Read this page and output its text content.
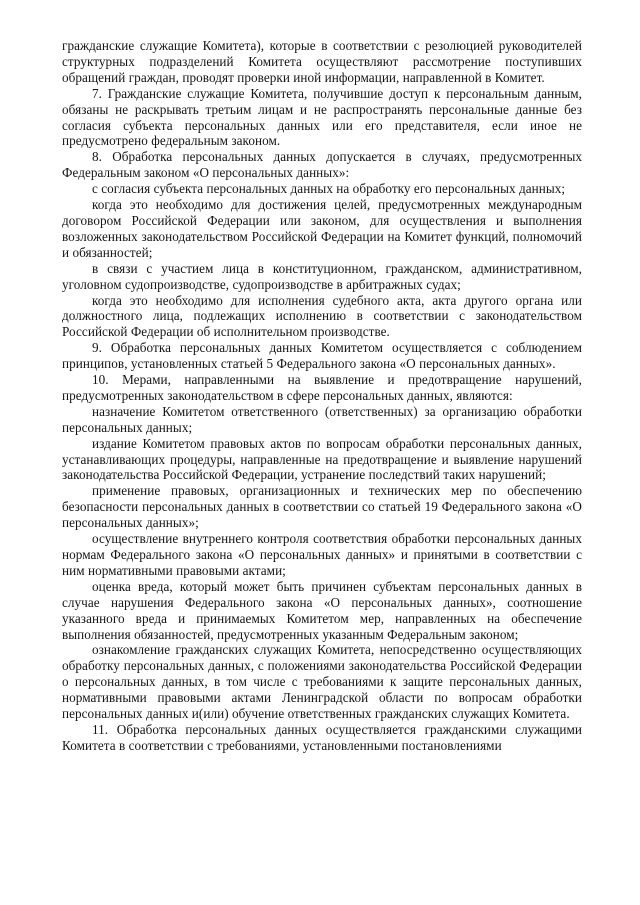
гражданские служащие Комитета), которые в соответствии с резолюцией руководителей структурных подразделений Комитета осуществляют рассмотрение поступивших обращений граждан, проводят проверки иной информации, направленной в Комитет.

7. Гражданские служащие Комитета, получившие доступ к персональным данным, обязаны не раскрывать третьим лицам и не распространять персональные данные без согласия субъекта персональных данных или его представителя, если иное не предусмотрено федеральным законом.

8. Обработка персональных данных допускается в случаях, предусмотренных Федеральным законом «О персональных данных»:

с согласия субъекта персональных данных на обработку его персональных данных;

когда это необходимо для достижения целей, предусмотренных международным договором Российской Федерации или законом, для осуществления и выполнения возложенных законодательством Российской Федерации на Комитет функций, полномочий и обязанностей;

в связи с участием лица в конституционном, гражданском, административном, уголовном судопроизводстве, судопроизводстве в арбитражных судах;

когда это необходимо для исполнения судебного акта, акта другого органа или должностного лица, подлежащих исполнению в соответствии с законодательством Российской Федерации об исполнительном производстве.

9. Обработка персональных данных Комитетом осуществляется с соблюдением принципов, установленных статьей 5 Федерального закона «О персональных данных».

10. Мерами, направленными на выявление и предотвращение нарушений, предусмотренных законодательством в сфере персональных данных, являются:

назначение Комитетом ответственного (ответственных) за организацию обработки персональных данных;

издание Комитетом правовых актов по вопросам обработки персональных данных, устанавливающих процедуры, направленные на предотвращение и выявление нарушений законодательства Российской Федерации, устранение последствий таких нарушений;

применение правовых, организационных и технических мер по обеспечению безопасности персональных данных в соответствии со статьей 19 Федерального закона «О персональных данных»;

осуществление внутреннего контроля соответствия обработки персональных данных нормам Федерального закона «О персональных данных» и принятыми в соответствии с ним нормативными правовыми актами;

оценка вреда, который может быть причинен субъектам персональных данных в случае нарушения Федерального закона «О персональных данных», соотношение указанного вреда и принимаемых Комитетом мер, направленных на обеспечение выполнения обязанностей, предусмотренных указанным Федеральным законом;

ознакомление гражданских служащих Комитета, непосредственно осуществляющих обработку персональных данных, с положениями законодательства Российской Федерации о персональных данных, в том числе с требованиями к защите персональных данных, нормативными правовыми актами Ленинградской области по вопросам обработки персональных данных и(или) обучение ответственных гражданских служащих Комитета.

11. Обработка персональных данных осуществляется гражданскими служащими Комитета в соответствии с требованиями, установленными постановлениями
